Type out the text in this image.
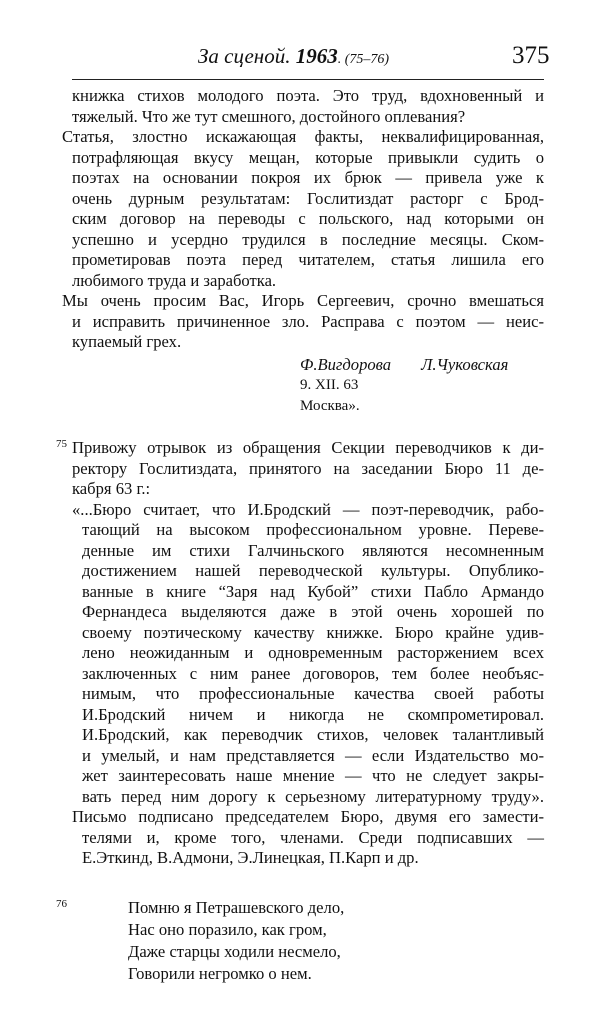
За сценой. 1963. (75–76)	375
книжка стихов молодого поэта. Это труд, вдохновенный и
тяжелый. Что же тут смешного, достойного оплевания?
Статья, злостно искажающая факты, неквалифицированная,
потрафляющая вкусу мещан, которые привыкли судить о
поэтах на основании покроя их брюк — привела уже к
очень дурным результатам: Гослитиздат расторг с Брод-
ским договор на переводы с польского, над которыми он
успешно и усердно трудился в последние месяцы. Ском-
прометировав поэта перед читателем, статья лишила его
любимого труда и заработка.
Мы очень просим Вас, Игорь Сергеевич, срочно вмешаться
и исправить причиненное зло. Расправа с поэтом — неис-
купаемый грех.
Ф.Вигдорова Л.Чуковская
9. XII. 63
Москва».
75 Привожу отрывок из обращения Секции переводчиков к ди-
ректору Гослитиздата, принятого на заседании Бюро 11 де-
кабря 63 г.:
«...Бюро считает, что И.Бродский — поэт-переводчик, рабо-
тающий на высоком профессиональном уровне. Переве-
денные им стихи Галчиньского являются несомненным
достижением нашей переводческой культуры. Опублико-
ванные в книге “Заря над Кубой” стихи Пабло Армандо
Фернандеса выделяются даже в этой очень хорошей по
своему поэтическому качеству книжке. Бюро крайне удив-
лено неожиданным и одновременным расторжением всех
заключенных с ним ранее договоров, тем более необъяс-
нимым, что профессиональные качества своей работы
И.Бродский ничем и никогда не скомпрометировал.
И.Бродский, как переводчик стихов, человек талантливый
и умелый, и нам представляется — если Издательство мо-
жет заинтересовать наше мнение — что не следует закры-
вать перед ним дорогу к серьезному литературному труду».
Письмо подписано председателем Бюро, двумя его замести-
телями и, кроме того, членами. Среди подписавших —
Е.Эткинд, В.Адмони, Э.Линецкая, П.Карп и др.
76	Помню я Петрашевского дело,
Нас оно поразило, как гром,
Даже старцы ходили несмело,
Говорили негромко о нем.
